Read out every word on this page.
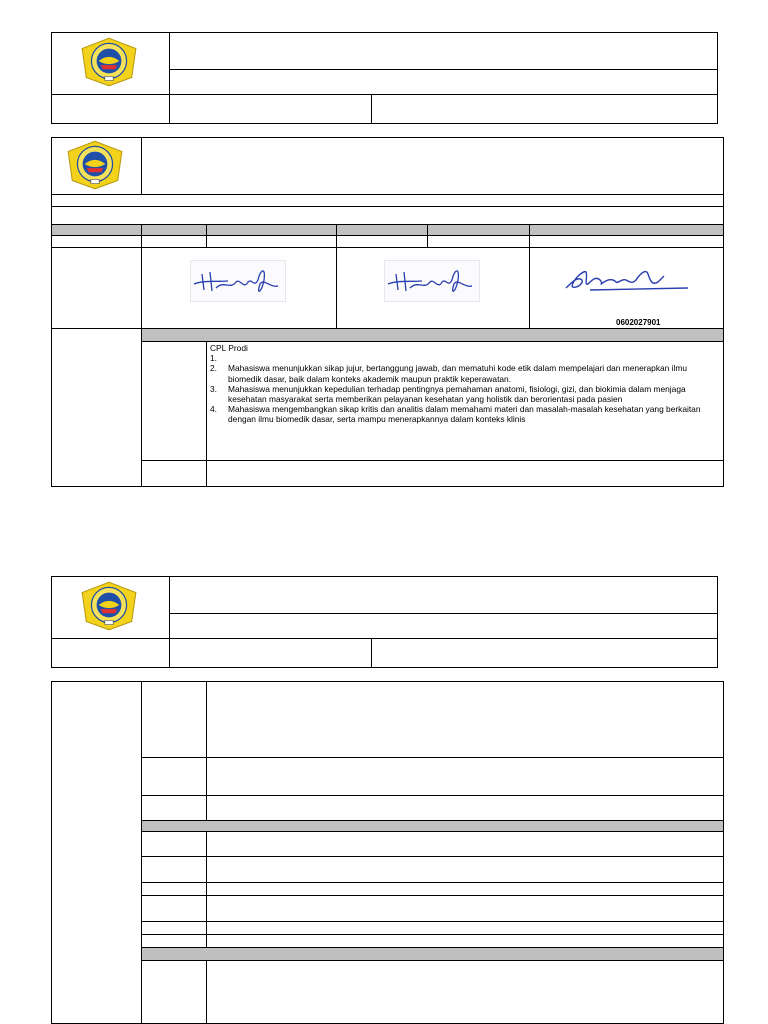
0602027901
CPL Prodi
1.
2.	Mahasiswa menunjukkan sikap jujur, bertanggung jawab, dan mematuhi kode etik dalam mempelajari dan menerapkan ilmu biomedik dasar, baik dalam konteks akademik maupun praktik keperawatan.
3.	Mahasiswa menunjukkan kepedulian terhadap pentingnya pemahaman anatomi, fisiologi, gizi, dan biokimia dalam menjaga kesehatan masyarakat serta memberikan pelayanan kesehatan yang holistik dan berorientasi pada pasien
4.	Mahasiswa mengembangkan sikap kritis dan analitis dalam memahami materi dan masalah-masalah kesehatan yang berkaitan dengan ilmu biomedik dasar, serta mampu menerapkannya dalam konteks klinis
